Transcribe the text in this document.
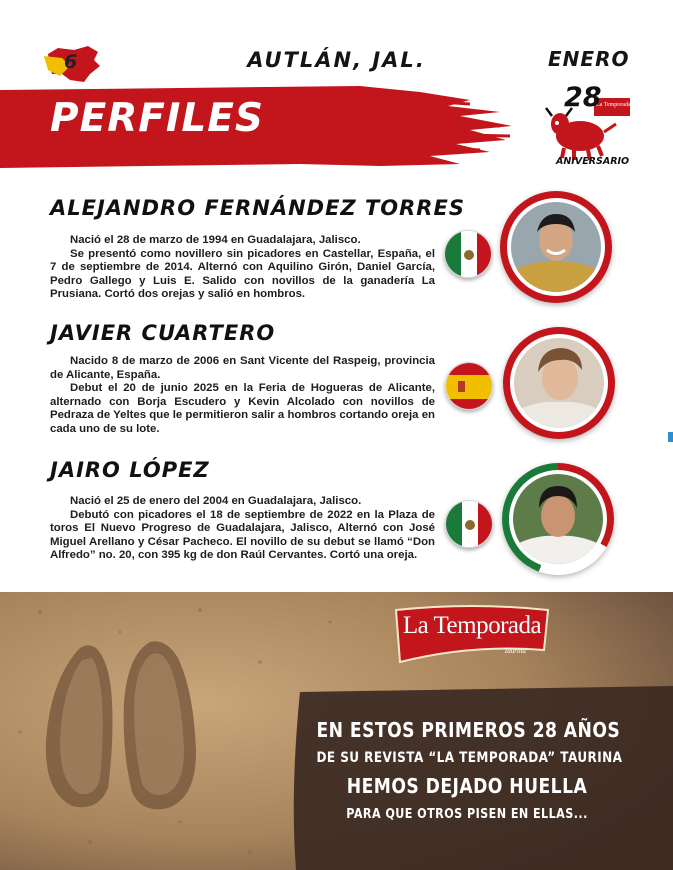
6	AUTLÁN, JAL.	ENERO
La Temporada
28
ANIVERSARIO
PERFILES
ALEJANDRO FERNÁNDEZ TORRES

Nació el 28 de marzo de 1994 en Guadalajara, Jalisco.

Se presentó como novillero sin picadores en Castellar, España, el 7 de septiembre de 2014. Alternó con Aquilino Girón, Daniel García, Pedro Gallego y Luis E. Salido con novillos de la ganadería La Prusiana. Cortó dos orejas y salió en hombros.

JAVIER CUARTERO

Nacido 8 de marzo de 2006 en Sant Vicente del Raspeig, provincia de Alicante, España.

Debut el 20 de junio 2025 en la Feria de Hogueras de Alicante, alternado con Borja Escudero y Kevin Alcolado con novillos de Pedraza de Yeltes que le permitieron salir a hombros cortando oreja en cada uno de su lote.

JAIRO LÓPEZ

Nació el 25 de enero del 2004 en Guadalajara, Jalisco.

Debutó con picadores el 18 de septiembre de 2022 en la Plaza de toros El Nuevo Progreso de Guadalajara, Jalisco, Alternó con José Miguel Arellano y César Pacheco. El novillo de su debut se llamó “Don Alfredo” no. 20, con 395 kg de don Raúl Cervantes. Cortó una oreja.

La Temporada
Taurina
EN ESTOS PRIMEROS 28 AÑOS
DE SU REVISTA “LA TEMPORADA” TAURINA
HEMOS DEJADO HUELLA
PARA QUE OTROS PISEN EN ELLAS...
